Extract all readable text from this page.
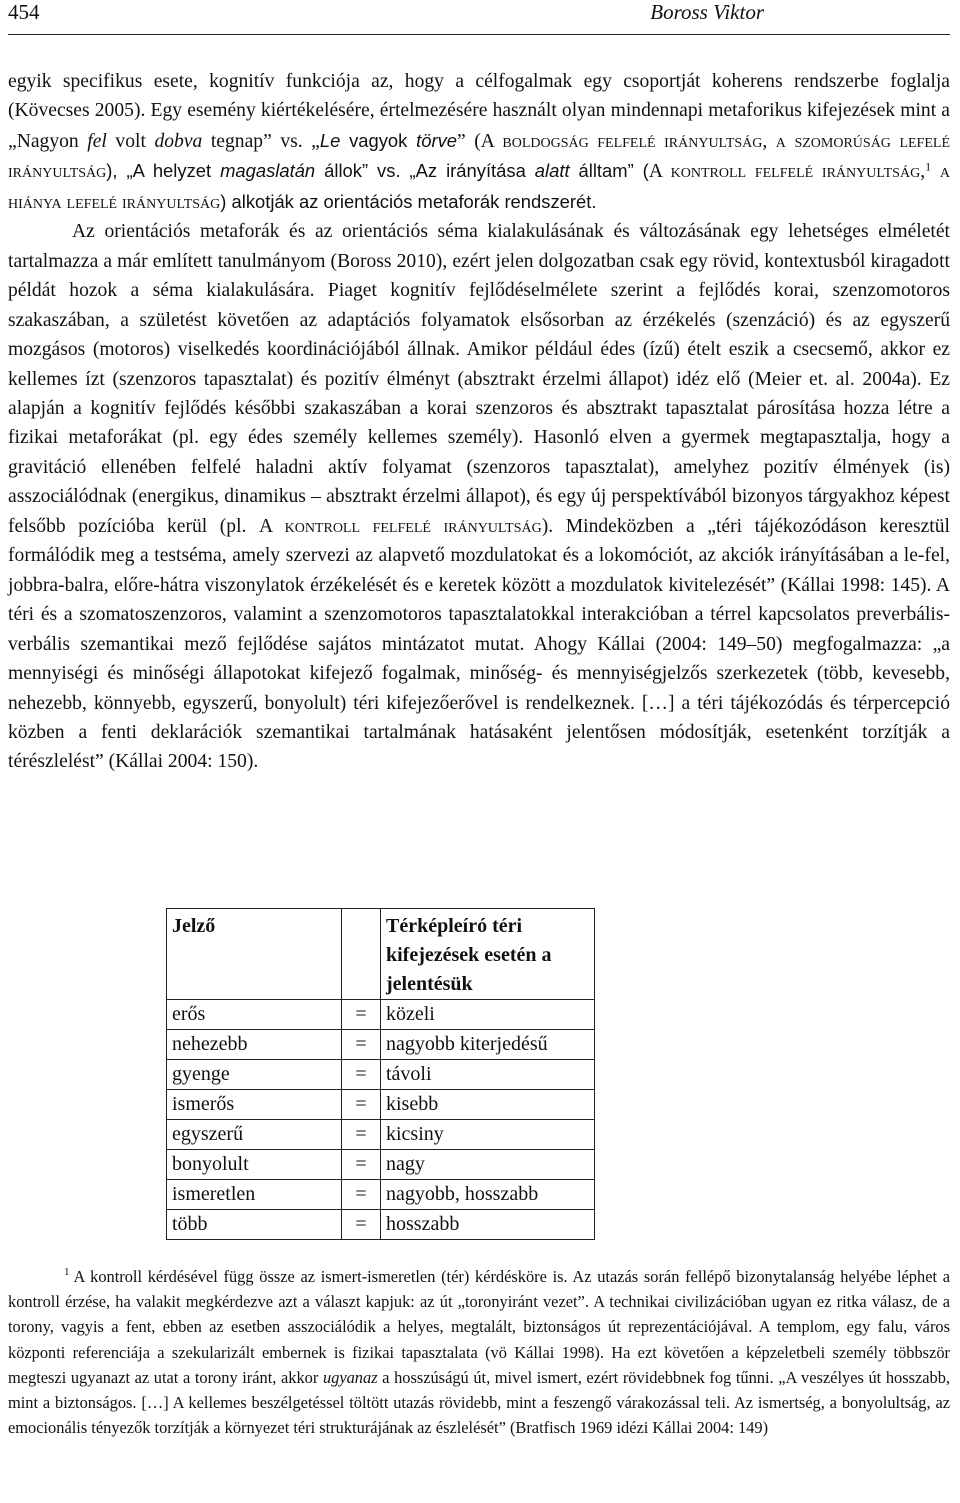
454	Boross Viktor

egyik specifikus esete, kognitív funkciója az, hogy a célfogalmak egy csoportját koherens rendszerbe foglalja (Kövecses 2005). Egy esemény kiértékelésére, értelmezésére használt olyan mindennapi metaforikus kifejezések mint a „Nagyon fel volt dobva tegnap” vs. „Le vagyok törve” (A boldogság felfelé irányultság, a szomorúság lefelé irányultság), „A helyzet magaslatán állok” vs. „Az irányítása alatt álltam” (A kontroll felfelé irányultság,$^1$ a hiánya lefelé irányultság) alkotják az orientációs metaforák rendszerét.

Az orientációs metaforák és az orientációs séma kialakulásának és változásának egy lehetséges elméletét tartalmazza a már említett tanulmányom (Boross 2010), ezért jelen dolgozatban csak egy rövid, kontextusból kiragadott példát hozok a séma kialakulására. Piaget kognitív fejlődéselmélete szerint a fejlődés korai, szenzomotoros szakaszában, a születést követően az adaptációs folyamatok elsősorban az érzékelés (szenzáció) és az egyszerű mozgásos (motoros) viselkedés koordinációjából állnak. Amikor például édes (ízű) ételt eszik a csecsemő, akkor ez kellemes ízt (szenzoros tapasztalat) és pozitív élményt (absztrakt érzelmi állapot) idéz elő (Meier et. al. 2004a). Ez alapján a kognitív fejlődés későbbi szakaszában a korai szenzoros és absztrakt tapasztalat párosítása hozza létre a fizikai metaforákat (pl. egy édes személy kellemes személy). Hasonló elven a gyermek megtapasztalja, hogy a gravitáció ellenében felfelé haladni aktív folyamat (szenzoros tapasztalat), amelyhez pozitív élmények (is) asszociálódnak (energikus, dinamikus – absztrakt érzelmi állapot), és egy új perspektívából bizonyos tárgyakhoz képest felsőbb pozícióba kerül (pl. A kontroll felfelé irányultság). Mindeközben a „téri tájékozódáson keresztül formálódik meg a testséma, amely szervezi az alapvető mozdulatokat és a lokomóciót, az akciók irányításában a le-fel, jobbra-balra, előre-hátra viszonylatok érzékelését és e keretek között a mozdulatok kivitelezését” (Kállai 1998: 145). A téri és a szomatoszenzoros, valamint a szenzomotoros tapasztalatokkal interakcióban a térrel kapcsolatos preverbális-verbális szemantikai mező fejlődése sajátos mintázatot mutat. Ahogy Kállai (2004: 149–50) megfogalmazza: „a mennyiségi és minőségi állapotokat kifejező fogalmak, minőség- és mennyiségjelzős szerkezetek (több, kevesebb, nehezebb, könnyebb, egyszerű, bonyolult) téri kifejezőerővel is rendelkeznek. […] a téri tájékozódás és térpercepció közben a fenti deklarációk szemantikai tartalmának hatásaként jelentősen módosítják, esetenként torzítják a térészlelést” (Kállai 2004: 150).

Jelző		Térképleíró téri kifejezések esetén a jelentésük
erős	=	közeli
nehezebb	=	nagyobb kiterjedésű
gyenge	=	távoli
ismerős	=	kisebb
egyszerű	=	kicsiny
bonyolult	=	nagy
ismeretlen	=	nagyobb, hosszabb
több	=	hosszabb

$^1$ A kontroll kérdésével függ össze az ismert-ismeretlen (tér) kérdésköre is. Az utazás során fellépő bizonytalanság helyébe léphet a kontroll érzése, ha valakit megkérdezve azt a választ kapjuk: az út „toronyiránt vezet”. A technikai civilizációban ugyan ez ritka válasz, de a torony, vagyis a fent, ebben az esetben asszociálódik a helyes, megtalált, biztonságos út reprezentációjával. A templom, egy falu, város központi referenciája a szekularizált embernek is fizikai tapasztalata (vö Kállai 1998). Ha ezt követően a képzeletbeli személy többször megteszi ugyanazt az utat a torony iránt, akkor ugyanaz a hosszúságú út, mivel ismert, ezért rövidebbnek fog tűnni. „A veszélyes út hosszabb, mint a biztonságos. […] A kellemes beszélgetéssel töltött utazás rövidebb, mint a feszengő várakozással teli. Az ismertség, a bonyolultság, az emocionális tényezők torzítják a környezet téri strukturájának az észlelését” (Bratfisch 1969 idézi Kállai 2004: 149)
